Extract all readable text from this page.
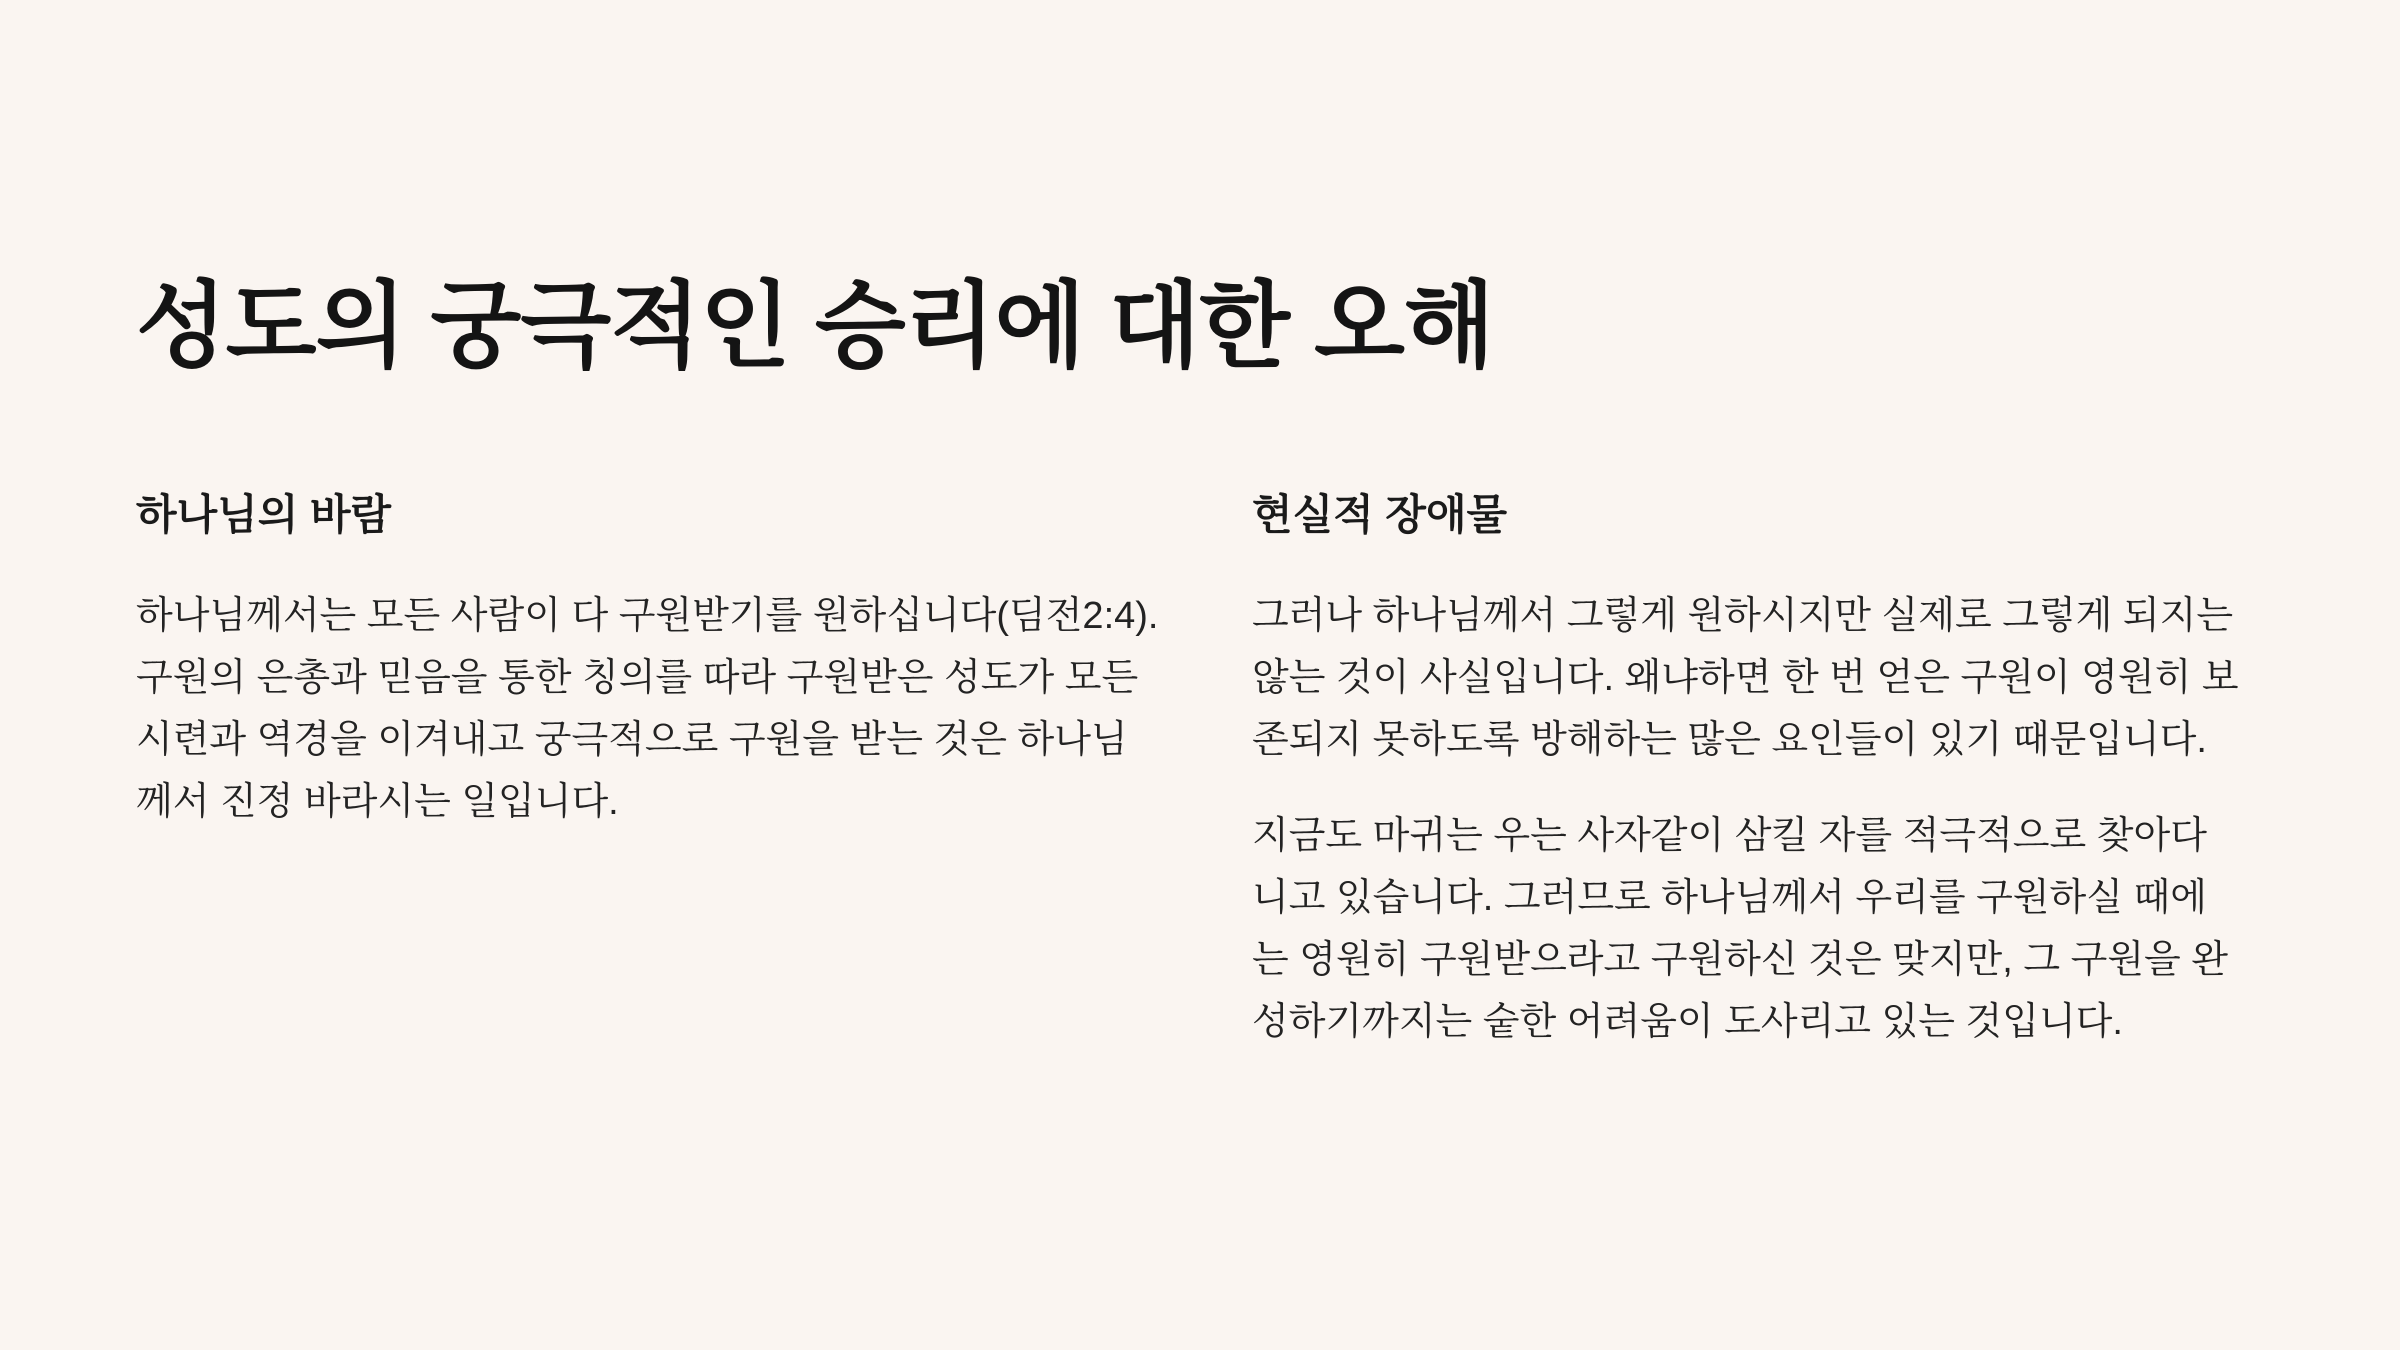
성도의 궁극적인 승리에 대한 오해
하나님의 바람

하나님께서는 모든 사람이 다 구원받기를 원하십니다(딤전2:4). 구원의 은총과 믿음을 통한 칭의를 따라 구원받은 성도가 모든 시련과 역경을 이겨내고 궁극적으로 구원을 받는 것은 하나님께서 진정 바라시는 일입니다.

현실적 장애물

그러나 하나님께서 그렇게 원하시지만 실제로 그렇게 되지는 않는 것이 사실입니다. 왜냐하면 한 번 얻은 구원이 영원히 보존되지 못하도록 방해하는 많은 요인들이 있기 때문입니다.

지금도 마귀는 우는 사자같이 삼킬 자를 적극적으로 찾아다니고 있습니다. 그러므로 하나님께서 우리를 구원하실 때에는 영원히 구원받으라고 구원하신 것은 맞지만, 그 구원을 완성하기까지는 숱한 어려움이 도사리고 있는 것입니다.
